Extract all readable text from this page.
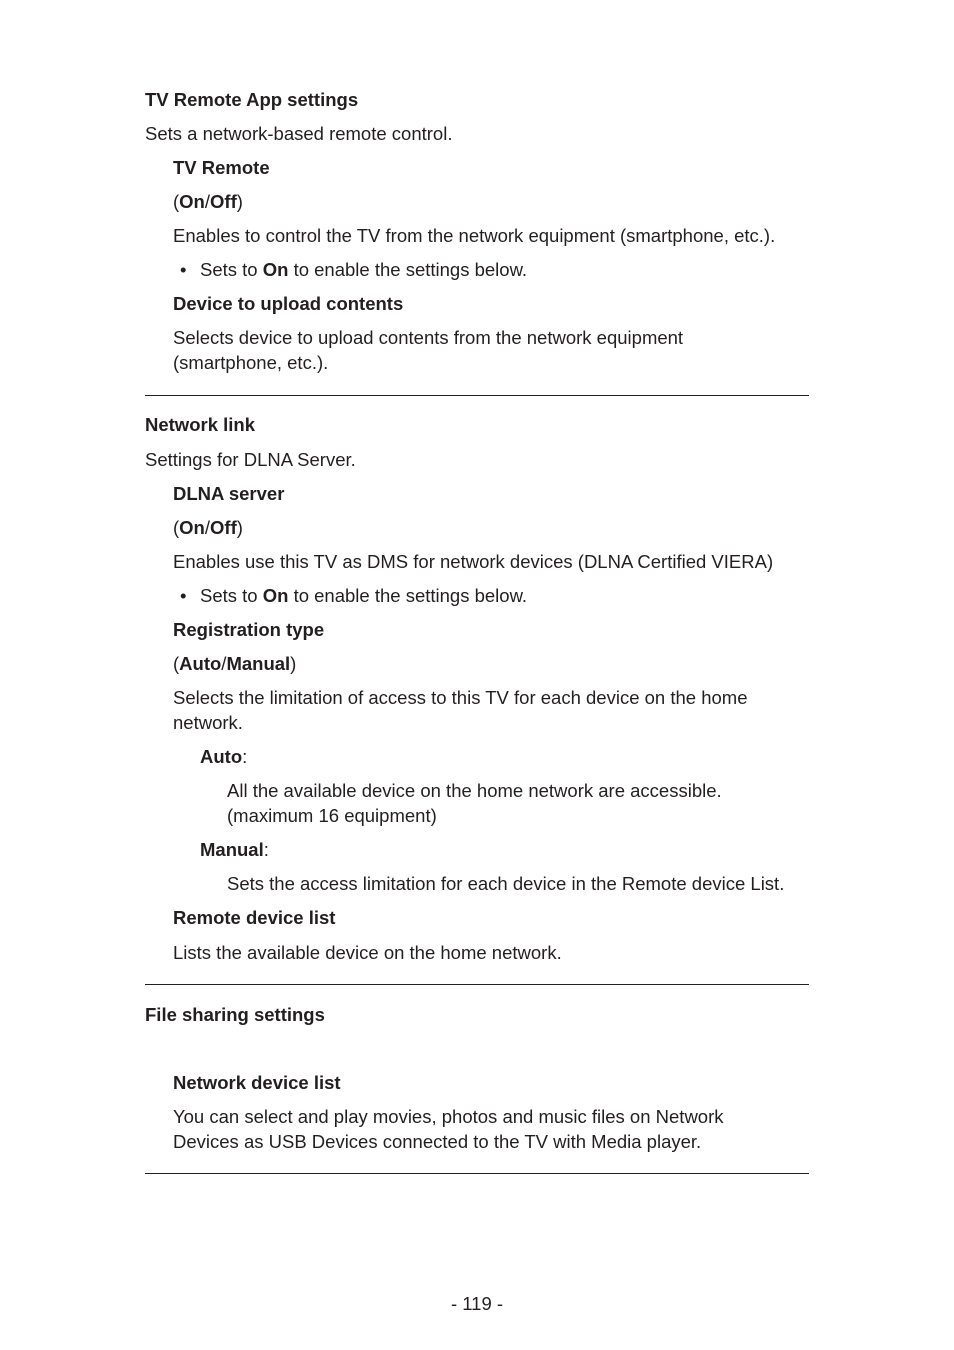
TV Remote App settings
Sets a network-based remote control.
TV Remote
(On/Off)
Enables to control the TV from the network equipment (smartphone, etc.).
• Sets to On to enable the settings below.
Device to upload contents
Selects device to upload contents from the network equipment
(smartphone, etc.).
Network link
Settings for DLNA Server.
DLNA server
(On/Off)
Enables use this TV as DMS for network devices (DLNA Certified VIERA)
• Sets to On to enable the settings below.
Registration type
(Auto/Manual)
Selects the limitation of access to this TV for each device on the home
network.
Auto:
All the available device on the home network are accessible.
(maximum 16 equipment)
Manual:
Sets the access limitation for each device in the Remote device List.
Remote device list
Lists the available device on the home network.
File sharing settings
Network device list
You can select and play movies, photos and music files on Network
Devices as USB Devices connected to the TV with Media player.
- 119 -
